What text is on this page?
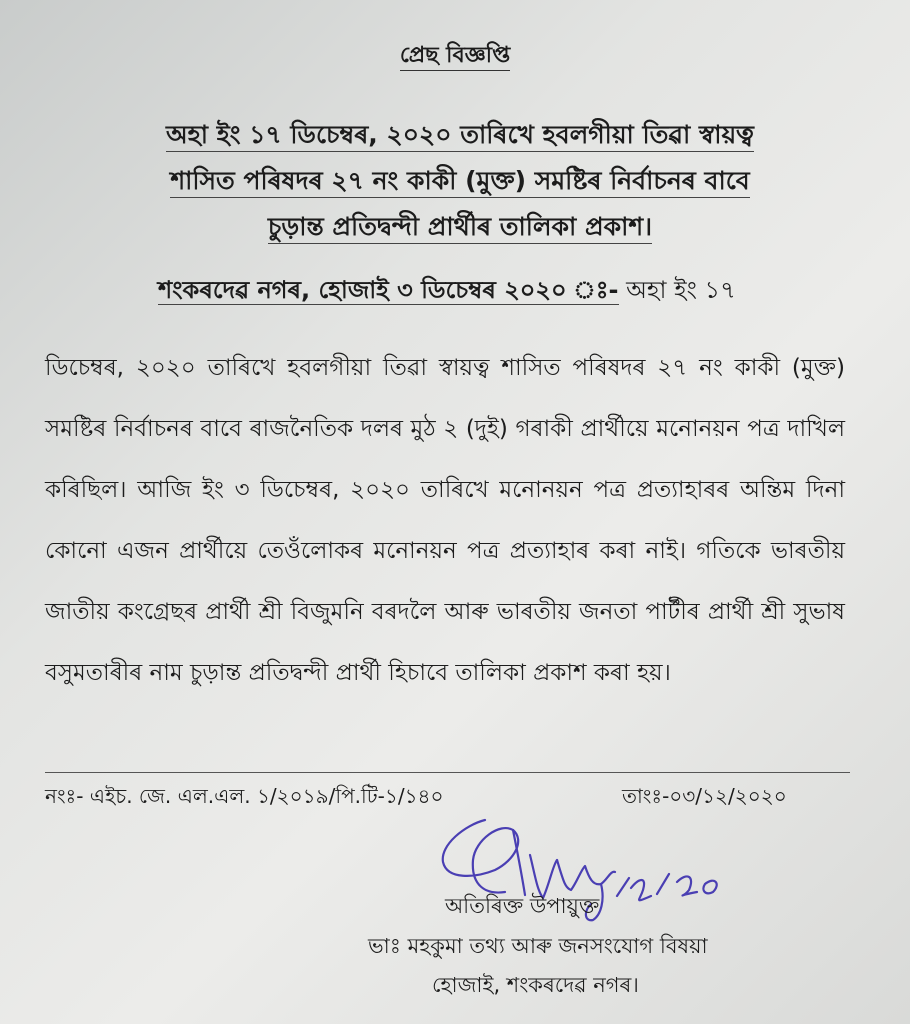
প্ৰেছ বিজ্ঞপ্তি
অহা ইং ১৭ ডিচেম্বৰ, ২০২০ তাৰিখে হবলগীয়া তিৱা স্বায়ত্ব
শাসিত পৰিষদৰ ২৭ নং কাকী (মুক্ত) সমষ্টিৰ নিৰ্বাচনৰ বাবে
চুড়ান্ত প্ৰতিদ্বন্দী প্ৰাৰ্থীৰ তালিকা প্ৰকাশ।
শংকৰদেৱ নগৰ, হোজাই ৩ ডিচেম্বৰ ২০২০ ঃ- অহা ইং ১৭
ডিচেম্বৰ, ২০২০ তাৰিখে হবলগীয়া তিৱা স্বায়ত্ব শাসিত পৰিষদৰ ২৭ নং কাকী (মুক্ত) সমষ্টিৰ নিৰ্বাচনৰ বাবে ৰাজনৈতিক দলৰ মুঠ ২ (দুই) গৰাকী প্ৰাৰ্থীয়ে মনোনয়ন পত্ৰ দাখিল কৰিছিল। আজি ইং ৩ ডিচেম্বৰ, ২০২০ তাৰিখে মনোনয়ন পত্ৰ প্ৰত্যাহাৰৰ অন্তিম দিনা কোনো এজন প্ৰাৰ্থীয়ে তেওঁলোকৰ মনোনয়ন পত্ৰ প্ৰত্যাহাৰ কৰা নাই। গতিকে ভাৰতীয় জাতীয় কংগ্ৰেছৰ প্ৰাৰ্থী শ্ৰী বিজুমনি বৰদলৈ আৰু ভাৰতীয় জনতা পাৰ্টীৰ প্ৰাৰ্থী শ্ৰী সুভাষ বসুমতাৰীৰ নাম চুড়ান্ত প্ৰতিদ্বন্দী প্ৰাৰ্থী হিচাবে তালিকা প্ৰকাশ কৰা হয়।
নংঃ- এইচ. জে. এল.এল. ১/২০১৯/পি.টি-১/১৪০	তাংঃ-০৩/১২/২০২০
অতিৰিক্ত উপায়ুক্ত
ভাঃ মহকুমা তথ্য আৰু জনসংযোগ বিষয়া
হোজাই, শংকৰদেৱ নগৰ।
